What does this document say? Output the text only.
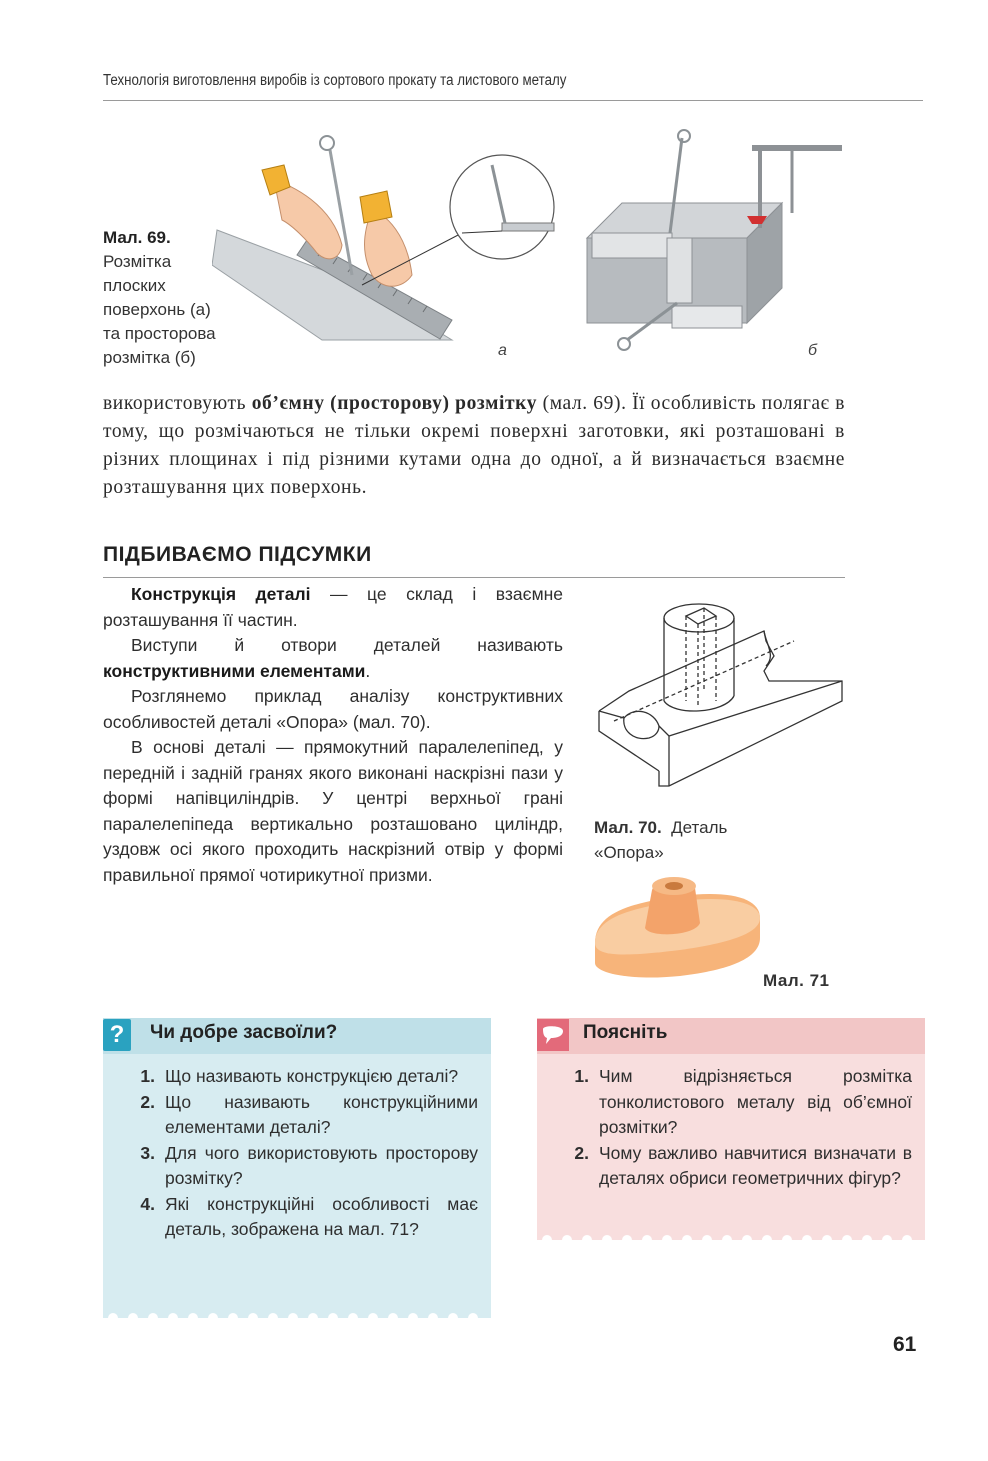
Технологія виготовлення виробів із сортового прокату та листового металу
Мал. 69.
Розмітка
плоских
поверхонь (а)
та просторова
розмітка (б)	а	б
використовують об’ємну (просторову) розмітку (мал. 69). Її особливість полягає в тому, що розмічаються не тільки окремі поверхні заготовки, які розташовані в різних площинах і під різними кутами одна до одної, а й визначається взаємне розташування цих поверхонь.
ПІДБИВАЄМО ПІДСУМКИ

Конструкція деталі — це склад і взаємне розташування її частин.

Виступи й отвори деталей називають конструктивними елементами.

Розглянемо приклад аналізу конструктивних особливостей деталі «Опора» (мал. 70).

В основі деталі — прямокутний паралелепіпед, у передній і задній гранях якого виконані наскрізні пази у формі напівциліндрів. У центрі верхньої грані паралелепіпеда вертикально розташовано циліндр, уздовж осі якого проходить наскрізний отвір у формі правильної прямої чотирикутної призми.

Мал. 70. Деталь «Опора»
Мал. 71
?	Чи добре засвоїли?
1. Що називають конструкцією деталі?
2. Що називають конструкційними елементами деталі?
3. Для чого використовують просторову розмітку?
4. Які конструкційні особливості має деталь, зображена на мал. 71?
Поясніть
1. Чим відрізняється розмітка тонколистового металу від об’ємної розмітки?
2. Чому важливо навчитися визначати в деталях обриси геометричних фігур?
61
